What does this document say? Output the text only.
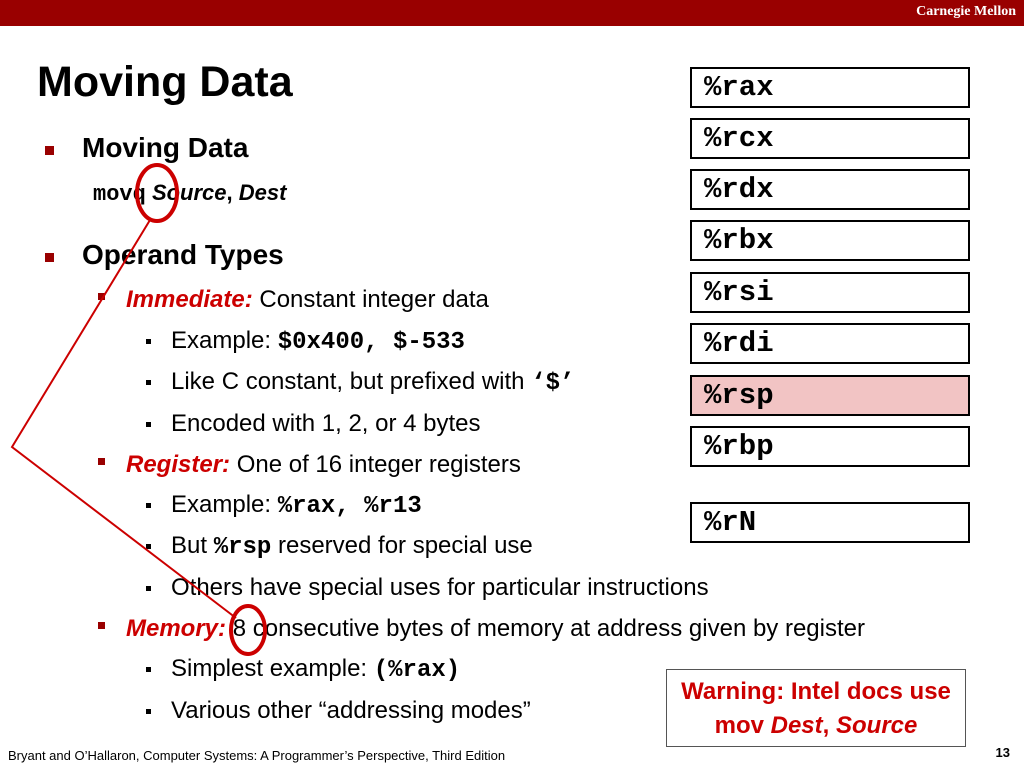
Carnegie Mellon
Moving Data
Moving Data
movq Source, Dest
Operand Types
Immediate: Constant integer data
Example: $0x400, $-533
Like C constant, but prefixed with ‘$’
Encoded with 1, 2, or 4 bytes
Register: One of 16 integer registers
Example: %rax, %r13
But %rsp reserved for special use
Others have special uses for particular instructions
Memory: 8 consecutive bytes of memory at address given by register
Simplest example: (%rax)
Various other “addressing modes”
%rax
%rcx
%rdx
%rbx
%rsi
%rdi
%rsp
%rbp
%rN
Warning: Intel docs use
mov Dest, Source
Bryant and O’Hallaron, Computer Systems: A Programmer’s Perspective, Third Edition	13
